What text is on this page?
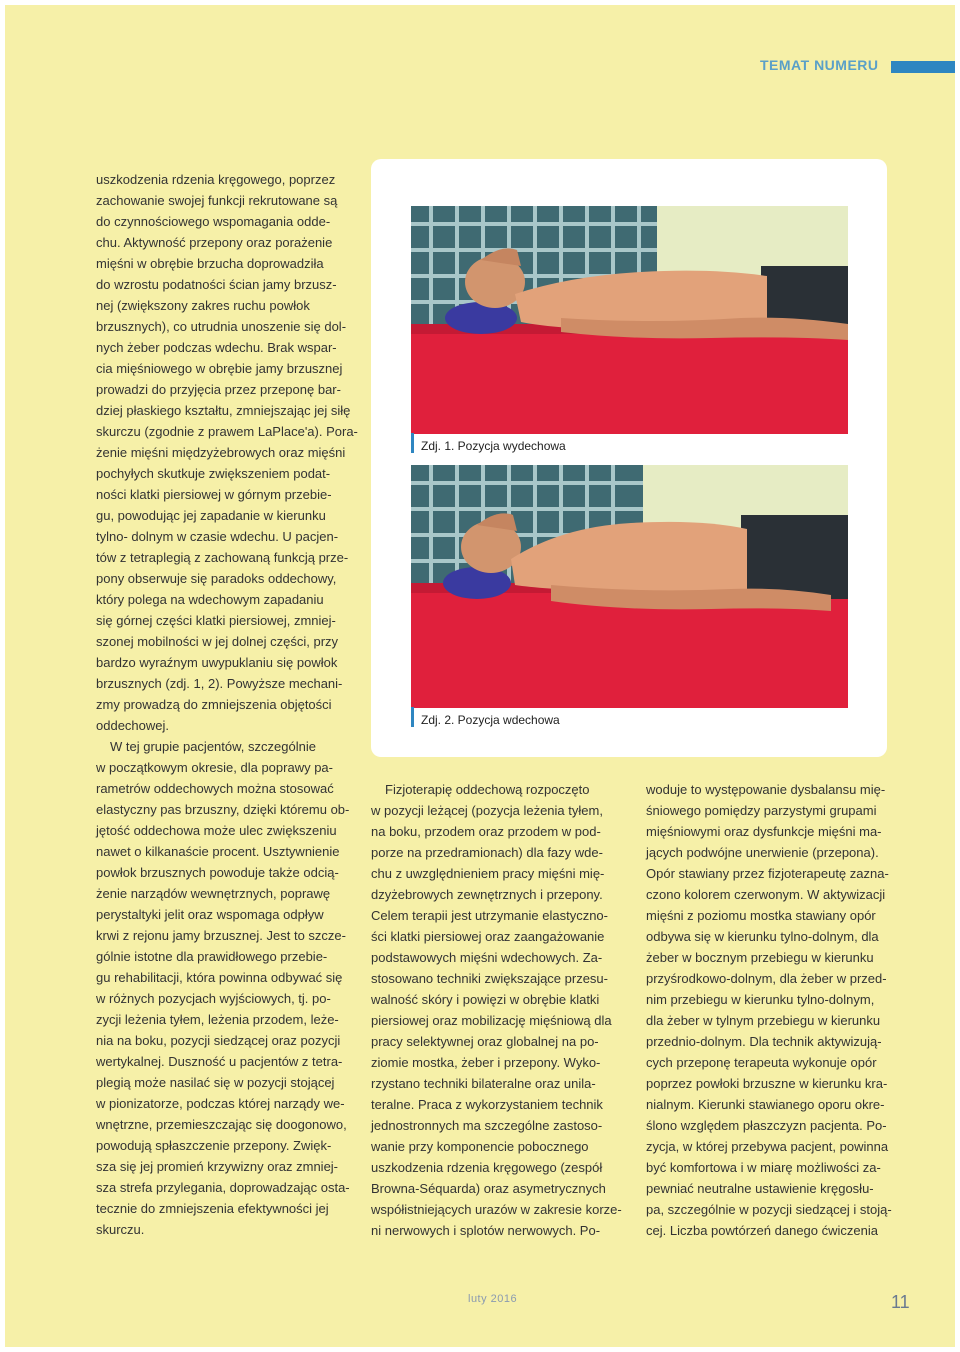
TEMAT NUMERU

uszkodzenia rdzenia kręgowego, poprzez

zachowanie swojej funkcji rekrutowane są

do czynnościowego wspomagania odde-

chu. Aktywność przepony oraz porażenie

mięśni w obrębie brzucha doprowadziła

do wzrostu podatności ścian jamy brzusz-

nej (zwiększony zakres ruchu powłok

brzusznych), co utrudnia unoszenie się dol-

nych żeber podczas wdechu. Brak wspar-

cia mięśniowego w obrębie jamy brzusznej

prowadzi do przyjęcia przez przeponę bar-

dziej płaskiego kształtu, zmniejszając jej siłę

skurczu (zgodnie z prawem LaPlace'a). Pora-

żenie mięśni międzyżebrowych oraz mięśni

pochyłych skutkuje zwiększeniem podat-

ności klatki piersiowej w górnym przebie-

gu, powodując jej zapadanie w kierunku

tylno- dolnym w czasie wdechu. U pacjen-

tów z tetraplegią z zachowaną funkcją prze-

pony obserwuje się paradoks oddechowy,

który polega na wdechowym zapadaniu

się górnej części klatki piersiowej, zmniej-

szonej mobilności w jej dolnej części, przy

bardzo wyraźnym uwypuklaniu się powłok

brzusznych (zdj. 1, 2). Powyższe mechani-

zmy prowadzą do zmniejszenia objętości

oddechowej.

W tej grupie pacjentów, szczególnie

w początkowym okresie, dla poprawy pa-

rametrów oddechowych można stosować

elastyczny pas brzuszny, dzięki któremu ob-

jętość oddechowa może ulec zwiększeniu

nawet o kilkanaście procent. Usztywnienie

powłok brzusznych powoduje także odcią-

żenie narządów wewnętrznych, poprawę

perystaltyki jelit oraz wspomaga odpływ

krwi z rejonu jamy brzusznej. Jest to szcze-

gólnie istotne dla prawidłowego przebie-

gu rehabilitacji, która powinna odbywać się

w różnych pozycjach wyjściowych, tj. po-

zycji leżenia tyłem, leżenia przodem, leże-

nia na boku, pozycji siedzącej oraz pozycji

wertykalnej. Duszność u pacjentów z tetra-

plegią może nasilać się w pozycji stojącej

w pionizatorze, podczas której narządy we-

wnętrzne, przemieszczając się doogonowo,

powodują spłaszczenie przepony. Zwięk-

sza się jej promień krzywizny oraz zmniej-

sza strefa przylegania, doprowadzając osta-

tecznie do zmniejszenia efektywności jej

skurczu.

Zdj. 1. Pozycja wydechowa
Zdj. 2. Pozycja wdechowa

Fizjoterapię oddechową rozpoczęto

w pozycji leżącej (pozycja leżenia tyłem,

na boku, przodem oraz przodem w pod-

porze na przedramionach) dla fazy wde-

chu z uwzględnieniem pracy mięśni mię-

dzyżebrowych zewnętrznych i przepony.

Celem terapii jest utrzymanie elastyczno-

ści klatki piersiowej oraz zaangażowanie

podstawowych mięśni wdechowych. Za-

stosowano techniki zwiększające przesu-

walność skóry i powięzi w obrębie klatki

piersiowej oraz mobilizację mięśniową dla

pracy selektywnej oraz globalnej na po-

ziomie mostka, żeber i przepony. Wyko-

rzystano techniki bilateralne oraz unila-

teralne. Praca z wykorzystaniem technik

jednostronnych ma szczególne zastoso-

wanie przy komponencie pobocznego

uszkodzenia rdzenia kręgowego (zespół

Browna-Séquarda) oraz asymetrycznych

współistniejących urazów w zakresie korze-

ni nerwowych i splotów nerwowych. Po-

woduje to występowanie dysbalansu mię-

śniowego pomiędzy parzystymi grupami

mięśniowymi oraz dysfunkcje mięśni ma-

jących podwójne unerwienie (przepona).

Opór stawiany przez fizjoterapeutę zazna-

czono kolorem czerwonym. W aktywizacji

mięśni z poziomu mostka stawiany opór

odbywa się w kierunku tylno-dolnym, dla

żeber w bocznym przebiegu w kierunku

przyśrodkowo-dolnym, dla żeber w przed-

nim przebiegu w kierunku tylno-dolnym,

dla żeber w tylnym przebiegu w kierunku

przednio-dolnym. Dla technik aktywizują-

cych przeponę terapeuta wykonuje opór

poprzez powłoki brzuszne w kierunku kra-

nialnym. Kierunki stawianego oporu okre-

ślono względem płaszczyzn pacjenta. Po-

zycja, w której przebywa pacjent, powinna

być komfortowa i w miarę możliwości za-

pewniać neutralne ustawienie kręgosłu-

pa, szczególnie w pozycji siedzącej i stoją-

cej. Liczba powtórzeń danego ćwiczenia

luty 2016	11
